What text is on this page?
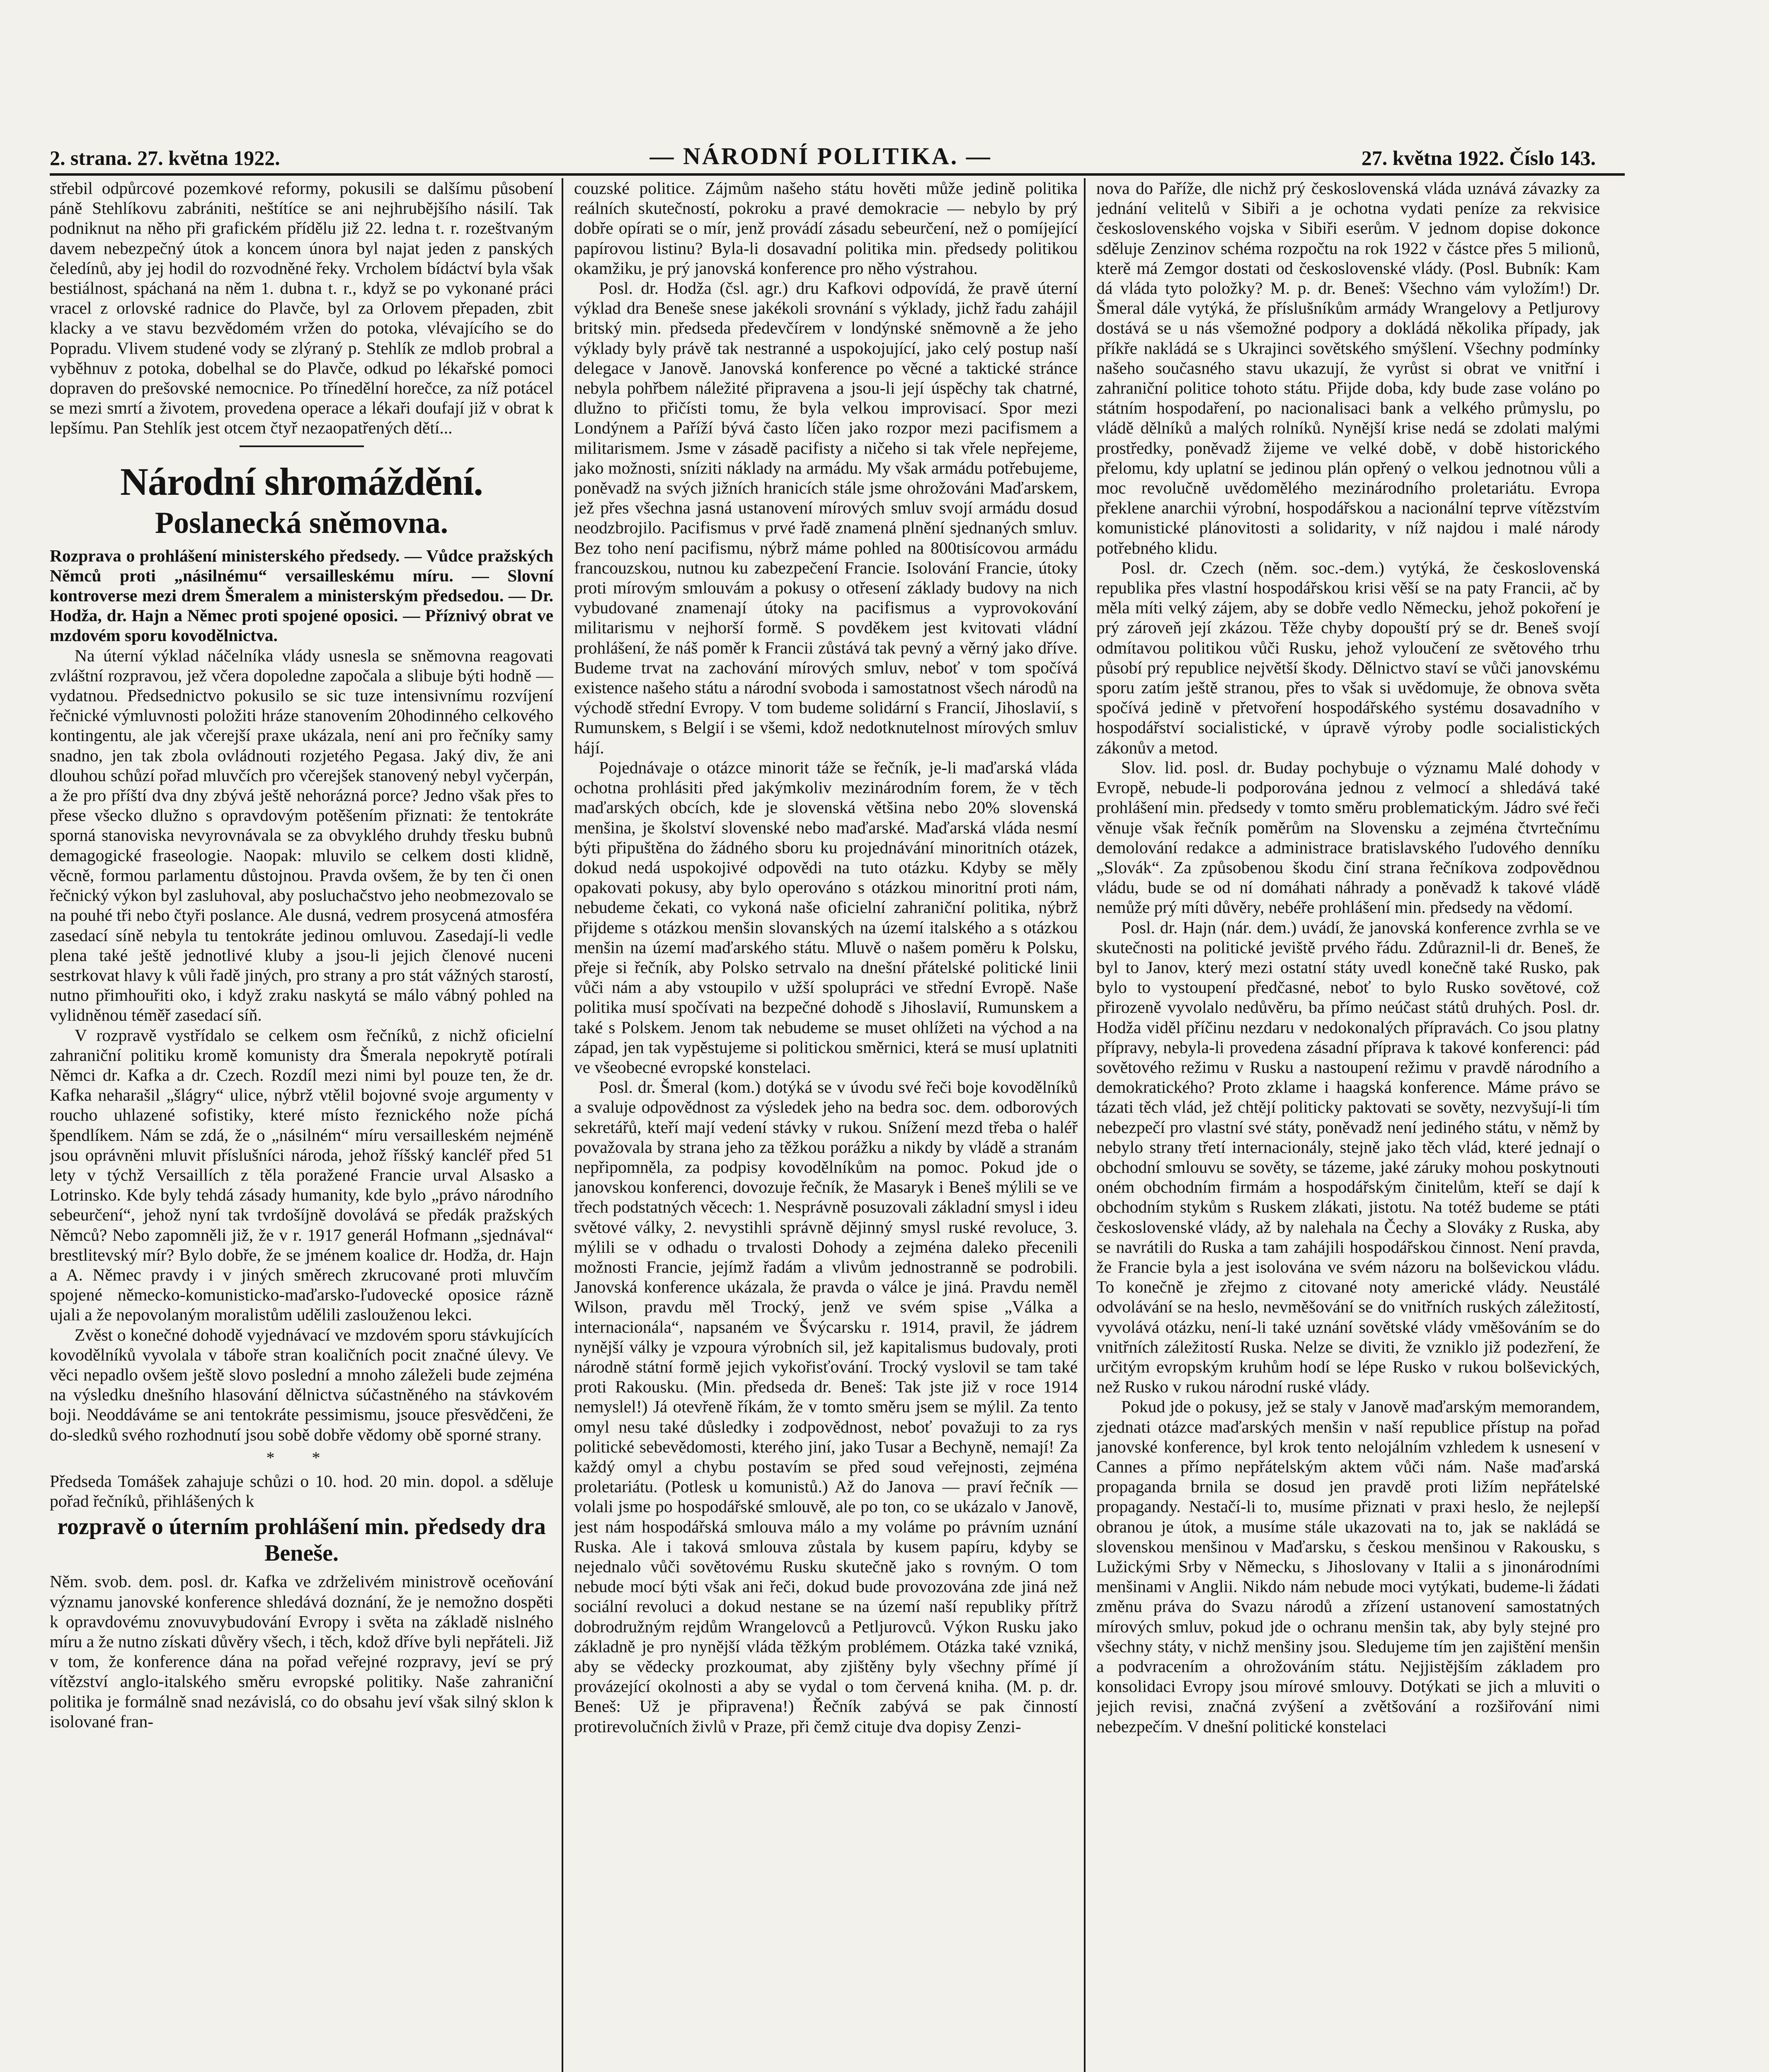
2. strana. 27. května 1922.	— NÁRODNÍ POLITIKA. —	27. května 1922. Číslo 143.

střebil odpůrcové pozemkové reformy, pokusili se dalšímu působení páně Stehlíkovu zabrániti, neštítíce se ani nejhrubějšího násilí. Tak podniknut na něho při grafickém přídělu již 22. ledna t. r. rozeštvaným davem nebezpečný útok a koncem února byl najat jeden z panských čeledínů, aby jej hodil do rozvodněné řeky. Vrcholem bídáctví byla však bestiálnost, spáchaná na něm 1. dubna t. r., když se po vykonané práci vracel z orlovské radnice do Plavče, byl za Orlovem přepaden, zbit klacky a ve stavu bezvědomém vržen do potoka, vlévajícího se do Popradu. Vlivem studené vody se zlýraný p. Stehlík ze mdlob probral a vyběhnuv z potoka, dobelhal se do Plavče, odkud po lékařské pomoci dopraven do prešovské nemocnice. Po třínedělní horečce, za níž potácel se mezi smrtí a životem, provedena operace a lékaři doufají již v obrat k lepšímu. Pan Stehlík jest otcem čtyř nezaopatřených dětí...

Národní shromáždění.
Poslanecká sněmovna.

Rozprava o prohlášení ministerského předsedy. — Vůdce pražských Němců proti „násilnému“ versailleskému míru. — Slovní kontroverse mezi drem Šmeralem a ministerským předsedou. — Dr. Hodža, dr. Hajn a Němec proti spojené oposici. — Příznivý obrat ve mzdovém sporu kovodělnictva.

Na úterní výklad náčelníka vlády usnesla se sněmovna reagovati zvláštní rozpravou, jež včera dopoledne započala a slibuje býti hodně — vydatnou. Předsednictvo pokusilo se sic tuze intensivnímu rozvíjení řečnické výmluvnosti položiti hráze stanovením 20hodinného celkového kontingentu, ale jak včerejší praxe ukázala, není ani pro řečníky samy snadno, jen tak zbola ovládnouti rozjetého Pegasa. Jaký div, že ani dlouhou schůzí pořad mluvčích pro včerejšek stanovený nebyl vyčerpán, a že pro příští dva dny zbývá ještě nehorázná porce? Jedno však přes to přese všecko dlužno s opravdovým potěšením přiznati: že tentokráte sporná stanoviska nevyrovnávala se za obvyklého druhdy třesku bubnů demagogické fraseologie. Naopak: mluvilo se celkem dosti klidně, věcně, formou parlamentu důstojnou. Pravda ovšem, že by ten či onen řečnický výkon byl zasluhoval, aby posluchačstvo jeho neobmezovalo se na pouhé tři nebo čtyři poslance. Ale dusná, vedrem prosycená atmosféra zasedací síně nebyla tu tentokráte jedinou omluvou. Zasedají-li vedle plena také ještě jednotlivé kluby a jsou-li jejich členové nuceni sestrkovat hlavy k vůli řadě jiných, pro strany a pro stát vážných starostí, nutno přimhouřiti oko, i když zraku naskytá se málo vábný pohled na vylidněnou téměř zasedací síň.

V rozpravě vystřídalo se celkem osm řečníků, z nichž oficielní zahraniční politiku kromě komunisty dra Šmerala nepokrytě potírali Němci dr. Kafka a dr. Czech. Rozdíl mezi nimi byl pouze ten, že dr. Kafka neharašil „šlágry“ ulice, nýbrž vtělil bojovné svoje argumenty v roucho uhlazené sofistiky, které místo řeznického nože píchá špendlíkem. Nám se zdá, že o „násilném“ míru versailleském nejméně jsou oprávněni mluvit příslušníci národa, jehož říšský kancléř před 51 lety v týchž Versaillích z těla poražené Francie urval Alsasko a Lotrinsko. Kde byly tehdá zásady humanity, kde bylo „právo národního sebeurčení“, jehož nyní tak tvrdošíjně dovolává se předák pražských Němců? Nebo zapomněli již, že v r. 1917 generál Hofmann „sjednával“ brestlitevský mír? Bylo dobře, že se jménem koalice dr. Hodža, dr. Hajn a A. Němec pravdy i v jiných směrech zkrucované proti mluvčím spojené německo-komunisticko-maďarsko-ľudovecké oposice rázně ujali a že nepovolaným moralistům udělili zaslouženou lekci.

Zvěst o konečné dohodě vyjednávací ve mzdovém sporu stávkujících kovodělníků vyvolala v táboře stran koaličních pocit značné úlevy. Ve věci nepadlo ovšem ještě slovo poslední a mnoho záleželi bude zejména na výsledku dnešního hlasování dělnictva súčastněného na stávkovém boji. Neoddáváme se ani tentokráte pessimismu, jsouce přesvědčeni, že do-sledků svého rozhodnutí jsou sobě dobře vědomy obě sporné strany.

* *

Předseda Tomášek zahajuje schůzi o 10. hod. 20 min. dopol. a sděluje pořad řečníků, přihlášených k

rozpravě o úterním prohlášení min. předsedy dra Beneše.

Něm. svob. dem. posl. dr. Kafka ve zdrželivém ministrově oceňování významu janovské konference shledává doznání, že je nemožno dospěti k opravdovému znovuvybudování Evropy i světa na základě nislného míru a že nutno získati důvěry všech, i těch, kdož dříve byli nepřáteli. Již v tom, že konference dána na pořad veřejné rozpravy, jeví se prý vítězství anglo-italského směru evropské politiky. Naše zahraniční politika je formálně snad nezávislá, co do obsahu jeví však silný sklon k isolované fran-

couzské politice. Zájmům našeho státu hověti může jedině politika reálních skutečností, pokroku a pravé demokracie — nebylo by prý dobře opírati se o mír, jenž provádí zásadu sebeurčení, než o pomíjející papírovou listinu? Byla-li dosavadní politika min. předsedy politikou okamžiku, je prý janovská konference pro něho výstrahou.

Posl. dr. Hodža (čsl. agr.) dru Kafkovi odpovídá, že pravě úterní výklad dra Beneše snese jakékoli srovnání s výklady, jichž řadu zahájil britský min. předseda předevčírem v londýnské sněmovně a že jeho výklady byly právě tak nestranné a uspokojující, jako celý postup naší delegace v Janově. Janovská konference po věcné a taktické stránce nebyla pohřbem náležité připravena a jsou-li její úspěchy tak chatrné, dlužno to přičísti tomu, že byla velkou improvisací. Spor mezi Londýnem a Paříží bývá často líčen jako rozpor mezi pacifismem a militarismem. Jsme v zásadě pacifisty a ničeho si tak vřele nepřejeme, jako možnosti, sníziti náklady na armádu. My však armádu potřebujeme, poněvadž na svých jižních hranicích stále jsme ohrožováni Maďarskem, jež přes všechna jasná ustanovení mírových smluv svojí armádu dosud neodzbrojilo. Pacifismus v prvé řadě znamená plnění sjednaných smluv. Bez toho není pacifismu, nýbrž máme pohled na 800tisícovou armádu francouzskou, nutnou ku zabezpečení Francie. Isolování Francie, útoky proti mírovým smlouvám a pokusy o otřesení základy budovy na nich vybudované znamenají útoky na pacifismus a vyprovokování militarismu v nejhorší formě. S povděkem jest kvitovati vládní prohlášení, že náš poměr k Francii zůstává tak pevný a věrný jako dříve. Budeme trvat na zachování mírových smluv, neboť v tom spočívá existence našeho státu a národní svoboda i samostatnost všech národů na východě střední Evropy. V tom budeme solidární s Francií, Jihoslavií, s Rumunskem, s Belgií i se všemi, kdož nedotknutelnost mírových smluv hájí.

Pojednávaje o otázce minorit táže se řečník, je-li maďarská vláda ochotna prohlásiti před jakýmkoliv mezinárodním forem, že v těch maďarských obcích, kde je slovenská většina nebo 20% slovenská menšina, je školství slovenské nebo maďarské. Maďarská vláda nesmí býti připuštěna do žádného sboru ku projednávání minoritních otázek, dokud nedá uspokojivé odpovědi na tuto otázku. Kdyby se měly opakovati pokusy, aby bylo operováno s otázkou minoritní proti nám, nebudeme čekati, co vykoná naše oficielní zahraniční politika, nýbrž přijdeme s otázkou menšin slovanských na území italského a s otázkou menšin na území maďarského státu. Mluvě o našem poměru k Polsku, přeje si řečník, aby Polsko setrvalo na dnešní přátelské politické linii vůči nám a aby vstoupilo v užší spolupráci ve střední Evropě. Naše politika musí spočívati na bezpečné dohodě s Jihoslavií, Rumunskem a také s Polskem. Jenom tak nebudeme se muset ohlížeti na východ a na západ, jen tak vypěstujeme si politickou směrnici, která se musí uplatniti ve všeobecné evropské konstelaci.

Posl. dr. Šmeral (kom.) dotýká se v úvodu své řeči boje kovodělníků a svaluje odpovědnost za výsledek jeho na bedra soc. dem. odborových sekretářů, kteří mají vedení stávky v rukou. Snížení mezd třeba o haléř považovala by strana jeho za těžkou porážku a nikdy by vládě a stranám nepřipomněla, za podpisy kovodělníkům na pomoc. Pokud jde o janovskou konferenci, dovozuje řečník, že Masaryk i Beneš mýlili se ve třech podstatných věcech: 1. Nesprávně posuzovali základní smysl i ideu světové války, 2. nevystihli správně dějinný smysl ruské revoluce, 3. mýlili se v odhadu o trvalosti Dohody a zejména daleko přecenili možnosti Francie, jejímž řadám a vlivům jednostranně se podrobili. Janovská konference ukázala, že pravda o válce je jiná. Pravdu neměl Wilson, pravdu měl Trocký, jenž ve svém spise „Válka a internacionála“, napsaném ve Švýcarsku r. 1914, pravil, že jádrem nynější války je vzpoura výrobních sil, jež kapitalismus budovaly, proti národně státní formě jejich vykořisťování. Trocký vyslovil se tam také proti Rakousku. (Min. předseda dr. Beneš: Tak jste již v roce 1914 nemyslel!) Já otevřeně říkám, že v tomto směru jsem se mýlil. Za tento omyl nesu také důsledky i zodpovědnost, neboť považuji to za rys politické sebevědomosti, kterého jiní, jako Tusar a Bechyně, nemají! Za každý omyl a chybu postavím se před soud veřejnosti, zejména proletariátu. (Potlesk u komunistů.) Až do Janova — praví řečník — volali jsme po hospodářské smlouvě, ale po ton, co se ukázalo v Janově, jest nám hospodářská smlouva málo a my voláme po právním uznání Ruska. Ale i taková smlouva zůstala by kusem papíru, kdyby se nejednalo vůči sovětovému Rusku skutečně jako s rovným. O tom nebude mocí býti však ani řeči, dokud bude provozována zde jiná než sociální revoluci a dokud nestane se na území naší republiky přítrž dobrodružným rejdům Wrangelovců a Petljurovců. Výkon Rusku jako základně je pro nynější vláda těžkým problémem. Otázka také vzniká, aby se vědecky prozkoumat, aby zjištěny byly všechny přímé jí provázející okolnosti a aby se vydal o tom červená kniha. (M. p. dr. Beneš: Už je připravena!) Řečník zabývá se pak činností protirevolučních živlů v Praze, při čemž cituje dva dopisy Zenzi-

nova do Paříže, dle nichž prý československá vláda uznává závazky za jednání velitelů v Sibiři a je ochotna vydati peníze za rekvisice československého vojska v Sibiři eserům. V jednom dopise dokonce sděluje Zenzinov schéma rozpočtu na rok 1922 v částce přes 5 milionů, kterě má Zemgor dostati od československé vlády. (Posl. Bubník: Kam dá vláda tyto položky? M. p. dr. Beneš: Všechno vám vyložím!) Dr. Šmeral dále vytýká, že příslušníkům armády Wrangelovy a Petljurovy dostává se u nás všemožné podpory a dokládá několika případy, jak příkře nakládá se s Ukrajinci sovětského smýšlení. Všechny podmínky našeho současného stavu ukazují, že vyrůst si obrat ve vnitřní i zahraniční politice tohoto státu. Přijde doba, kdy bude zase voláno po státním hospodaření, po nacionalisaci bank a velkého průmyslu, po vládě dělníků a malých rolníků. Nynější krise nedá se zdolati malými prostředky, poněvadž žijeme ve velké době, v době historického přelomu, kdy uplatní se jedinou plán opřený o velkou jednotnou vůli a moc revolučně uvědomělého mezinárodního proletariátu. Evropa překlene anarchii výrobní, hospodářskou a nacionální teprve vítězstvím komunistické plánovitosti a solidarity, v níž najdou i malé národy potřebného klidu.

Posl. dr. Czech (něm. soc.-dem.) vytýká, že československá republika přes vlastní hospodářskou krisi věší se na paty Francii, ač by měla míti velký zájem, aby se dobře vedlo Německu, jehož pokoření je prý zároveň její zkázou. Těže chyby dopouští prý se dr. Beneš svojí odmítavou politikou vůči Rusku, jehož vyloučení ze světového trhu působí prý republice největší škody. Dělnictvo staví se vůči janovskému sporu zatím ještě stranou, přes to však si uvědomuje, že obnova světa spočívá jedině v přetvoření hospodářského systému dosavadního v hospodářství socialistické, v úpravě výroby podle socialistických zákonův a metod.

Slov. lid. posl. dr. Buday pochybuje o významu Malé dohody v Evropě, nebude-li podporována jednou z velmocí a shledává také prohlášení min. předsedy v tomto směru problematickým. Jádro své řeči věnuje však řečník poměrům na Slovensku a zejména čtvrtečnímu demolování redakce a administrace bratislavského ľudového denníku „Slovák“. Za způsobenou škodu činí strana řečníkova zodpovědnou vládu, bude se od ní domáhati náhrady a poněvadž k takové vládě nemůže prý míti důvěry, nebéře prohlášení min. předsedy na vědomí.

Posl. dr. Hajn (nár. dem.) uvádí, že janovská konference zvrhla se ve skutečnosti na politické jeviště prvého řádu. Zdůraznil-li dr. Beneš, že byl to Janov, který mezi ostatní státy uvedl konečně také Rusko, pak bylo to vystoupení předčasné, neboť to bylo Rusko sovětové, což přirozeně vyvolalo nedůvěru, ba přímo neúčast států druhých. Posl. dr. Hodža viděl příčinu nezdaru v nedokonalých přípravách. Co jsou platny přípravy, nebyla-li provedena zásadní příprava k takové konferenci: pád sovětového režimu v Rusku a nastoupení režimu v pravdě národního a demokratického? Proto zklame i haagská konference. Máme právo se tázati těch vlád, jež chtějí politicky paktovati se sověty, nezvyšují-li tím nebezpečí pro vlastní své státy, poněvadž není jediného státu, v němž by nebylo strany třetí internacionály, stejně jako těch vlád, které jednají o obchodní smlouvu se sověty, se tázeme, jaké záruky mohou poskytnouti oném obchodním firmám a hospodářským činitelům, kteří se dají k obchodním stykům s Ruskem zlákati, jistotu. Na totéž budeme se ptáti československé vlády, až by nalehala na Čechy a Slováky z Ruska, aby se navrátili do Ruska a tam zahájili hospodářskou činnost. Není pravda, že Francie byla a jest isolována ve svém názoru na bolševickou vládu. To konečně je zřejmo z citované noty americké vlády. Neustálé odvolávání se na heslo, nevměšování se do vnitřních ruských záležitostí, vyvolává otázku, není-li také uznání sovětské vlády vměšováním se do vnitřních záležitostí Ruska. Nelze se diviti, že vzniklo již podezření, že určitým evropským kruhům hodí se lépe Rusko v rukou bolševických, než Rusko v rukou národní ruské vlády.

Pokud jde o pokusy, jež se staly v Janově maďarským memorandem, zjednati otázce maďarských menšin v naší republice přístup na pořad janovské konference, byl krok tento nelojálním vzhledem k usnesení v Cannes a přímo nepřátelským aktem vůči nám. Naše maďarská propaganda brnila se dosud jen pravdě proti ližím nepřátelské propagandy. Nestačí-li to, musíme přiznati v praxi heslo, že nejlepší obranou je útok, a musíme stále ukazovati na to, jak se nakládá se slovenskou menšinou v Maďarsku, s českou menšinou v Rakousku, s Lužickými Srby v Německu, s Jihoslovany v Italii a s jinonárodními menšinami v Anglii. Nikdo nám nebude moci vytýkati, budeme-li žádati změnu práva do Svazu národů a zřízení ustanovení samostatných mírových smluv, pokud jde o ochranu menšin tak, aby byly stejné pro všechny státy, v nichž menšiny jsou. Sledujeme tím jen zajištění menšin a podvracením a ohrožováním státu. Nejjistějším základem pro konsolidaci Evropy jsou mírové smlouvy. Dotýkati se jich a mluviti o jejich revisi, značná zvýšení a zvětšování a rozšiřování nimi nebezpečím. V dnešní politické konstelaci
